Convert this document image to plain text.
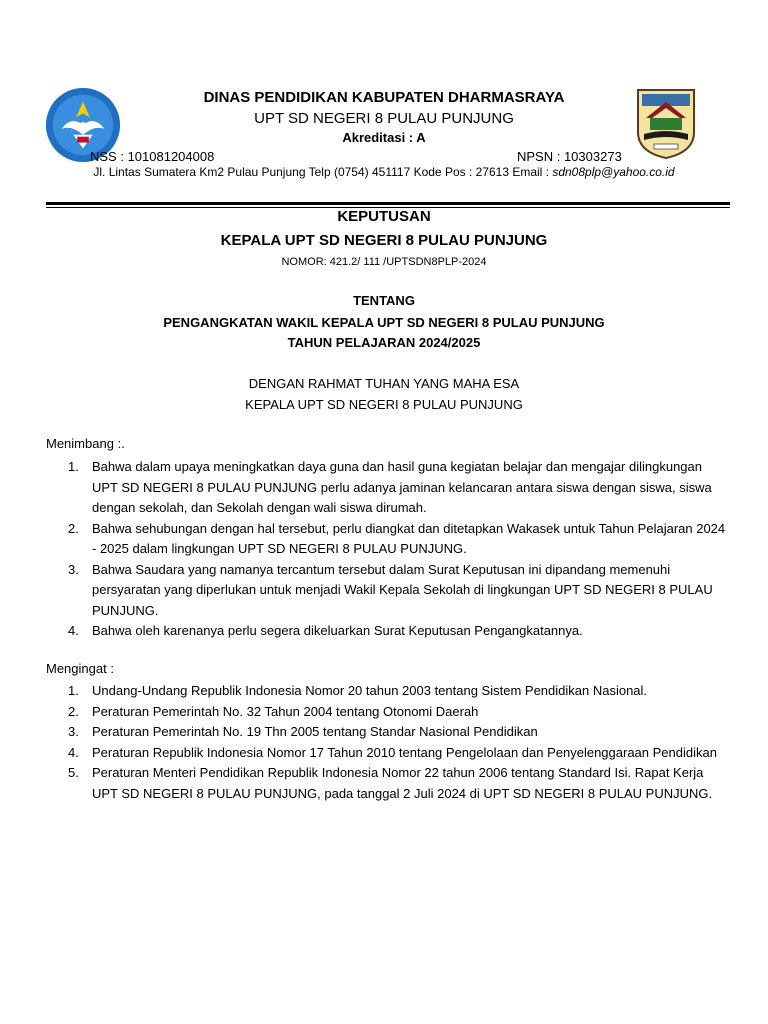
DINAS PENDIDIKAN KABUPATEN DHARMASRAYA
UPT SD NEGERI 8 PULAU PUNJUNG
Akreditasi : A
NSS : 101081204008	NPSN : 10303273
Jl. Lintas Sumatera Km2 Pulau Punjung Telp (0754) 451117 Kode Pos : 27613 Email : sdn08plp@yahoo.co.id
KEPUTUSAN
KEPALA UPT SD NEGERI 8 PULAU PUNJUNG
NOMOR: 421.2/ 111 /UPTSDN8PLP-2024
TENTANG
PENGANGKATAN WAKIL KEPALA UPT SD NEGERI 8 PULAU PUNJUNG
TAHUN PELAJARAN 2024/2025
DENGAN RAHMAT TUHAN YANG MAHA ESA
KEPALA UPT SD NEGERI 8 PULAU PUNJUNG
Menimbang :.
1. Bahwa dalam upaya meningkatkan daya guna dan hasil guna kegiatan belajar dan mengajar dilingkungan UPT SD NEGERI 8 PULAU PUNJUNG perlu adanya jaminan kelancaran antara siswa dengan siswa, siswa dengan sekolah, dan Sekolah dengan wali siswa dirumah.
2. Bahwa sehubungan dengan hal tersebut, perlu diangkat dan ditetapkan Wakasek untuk Tahun Pelajaran 2024 - 2025 dalam lingkungan UPT SD NEGERI 8 PULAU PUNJUNG.
3. Bahwa Saudara yang namanya tercantum tersebut dalam Surat Keputusan ini dipandang memenuhi persyaratan yang diperlukan untuk menjadi Wakil Kepala Sekolah di lingkungan UPT SD NEGERI 8 PULAU PUNJUNG.
4. Bahwa oleh karenanya perlu segera dikeluarkan Surat Keputusan Pengangkatannya.
Mengingat :
1. Undang-Undang Republik Indonesia Nomor 20 tahun 2003 tentang Sistem Pendidikan Nasional.
2. Peraturan Pemerintah No. 32 Tahun 2004 tentang Otonomi Daerah
3. Peraturan Pemerintah No. 19 Thn 2005 tentang Standar Nasional Pendidikan
4. Peraturan Republik Indonesia Nomor 17 Tahun 2010 tentang Pengelolaan dan Penyelenggaraan Pendidikan
5. Peraturan Menteri Pendidikan Republik Indonesia Nomor 22 tahun 2006 tentang Standard Isi. Rapat Kerja UPT SD NEGERI 8 PULAU PUNJUNG, pada tanggal 2 Juli 2024 di UPT SD NEGERI 8 PULAU PUNJUNG.
